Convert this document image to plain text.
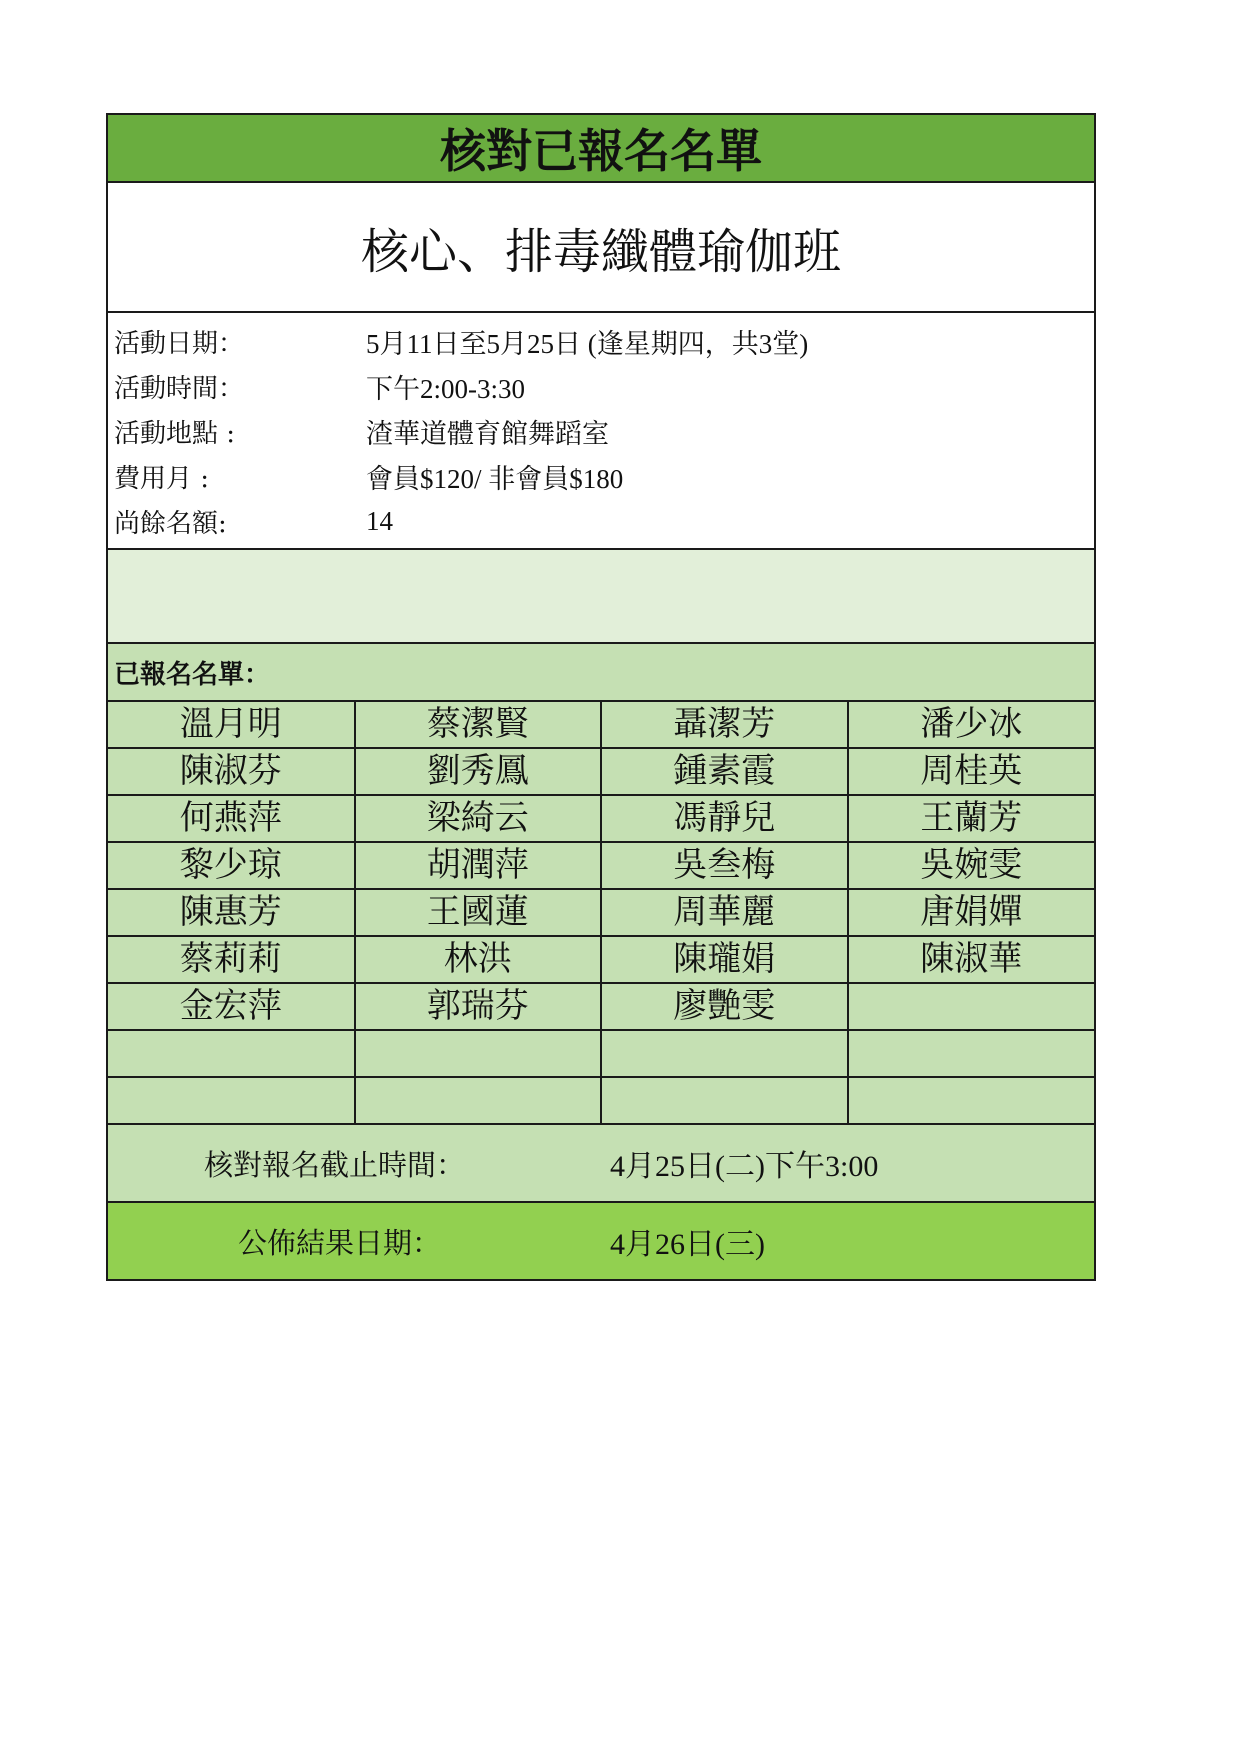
核對已報名名單
核心、排毒纖體瑜伽班
活動日期：	5月11日至5月25日 (逢星期四，共3堂)
活動時間：	下午2:00-3:30
活動地點 :	渣華道體育館舞蹈室
費用月 :	會員$120/ 非會員$180
尚餘名額:	14
已報名名單：
溫月明	蔡潔賢	聶潔芳	潘少冰
陳淑芬	劉秀鳳	鍾素霞	周桂英
何燕萍	梁綺云	馮靜兒	王蘭芳
黎少琼	胡潤萍	吳叁梅	吳婉雯
陳惠芳	王國蓮	周華麗	唐娟嬋
蔡莉莉	林洪	陳瓏娟	陳淑華
金宏萍	郭瑞芬	廖艷雯	

核對報名截止時間：	4月25日(二)下午3:00
公佈結果日期：	4月26日(三)
